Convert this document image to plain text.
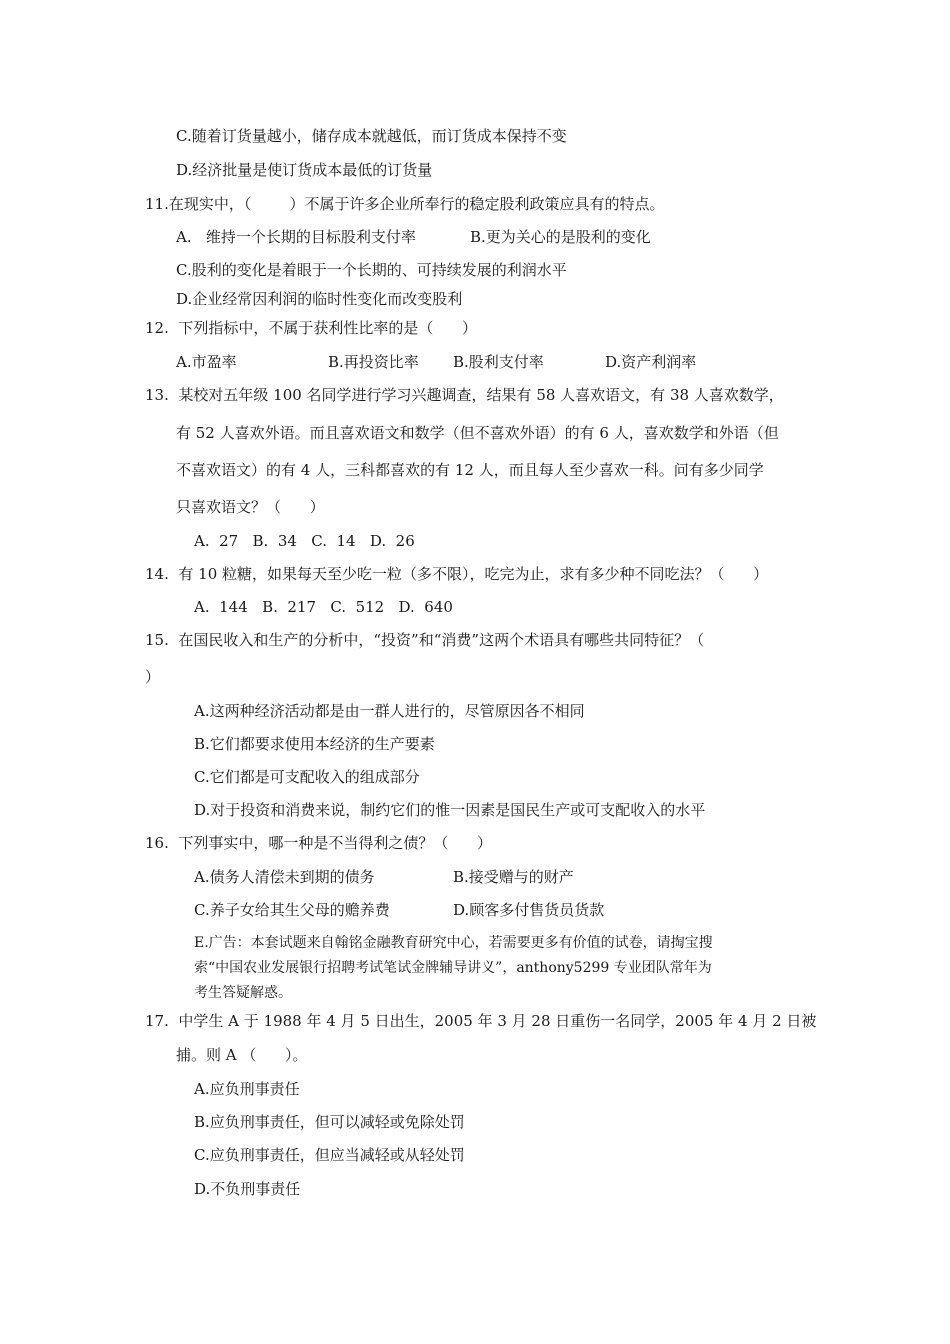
C.随着订货量越小，储存成本就越低，而订货成本保持不变
D.经济批量是使订货成本最低的订货量
11.在现实中，（        ）不属于许多企业所奉行的稳定股利政策应具有的特点。
A.   维持一个长期的目标股利支付率	B.更为关心的是股利的变化
C.股利的变化是着眼于一个长期的、可持续发展的利润水平
D.企业经常因利润的临时性变化而改变股利
12.  下列指标中，不属于获利性比率的是（      ）
A.市盈率	B.再投资比率 B.股利支付率	D.资产利润率
13.  某校对五年级 100 名同学进行学习兴趣调查，结果有 58 人喜欢语文，有 38 人喜欢数学，
有 52 人喜欢外语。而且喜欢语文和数学（但不喜欢外语）的有 6 人，喜欢数学和外语（但
不喜欢语文）的有 4 人，三科都喜欢的有 12 人，而且每人至少喜欢一科。问有多少同学
只喜欢语文？（      ）
A.  27   B.  34   C.  14   D.  26
14.  有 10 粒糖，如果每天至少吃一粒（多不限），吃完为止，求有多少种不同吃法？（      ）
A.  144   B.  217   C.  512   D.  640
15.  在国民收入和生产的分析中，“投资”和“消费”这两个术语具有哪些共同特征？（
）
A.这两种经济活动都是由一群人进行的，尽管原因各不相同
B.它们都要求使用本经济的生产要素
C.它们都是可支配收入的组成部分
D.对于投资和消费来说，制约它们的惟一因素是国民生产或可支配收入的水平
16.  下列事实中，哪一种是不当得利之债？（      ）
A.债务人清偿未到期的债务	B.接受赠与的财产
C.养子女给其生父母的赡养费	D.顾客多付售货员货款
E.广告：本套试题来自翰铭金融教育研究中心，若需要更多有价值的试卷，请掏宝搜
索“中国农业发展银行招聘考试笔试金牌辅导讲义”，anthony5299 专业团队常年为
考生答疑解惑。
17.  中学生 A 于 1988 年 4 月 5 日出生，2005 年 3 月 28 日重伤一名同学，2005 年 4 月 2 日被
捕。则 A （      ）。
A.应负刑事责任
B.应负刑事责任，但可以减轻或免除处罚
C.应负刑事责任，但应当减轻或从轻处罚
D.不负刑事责任
